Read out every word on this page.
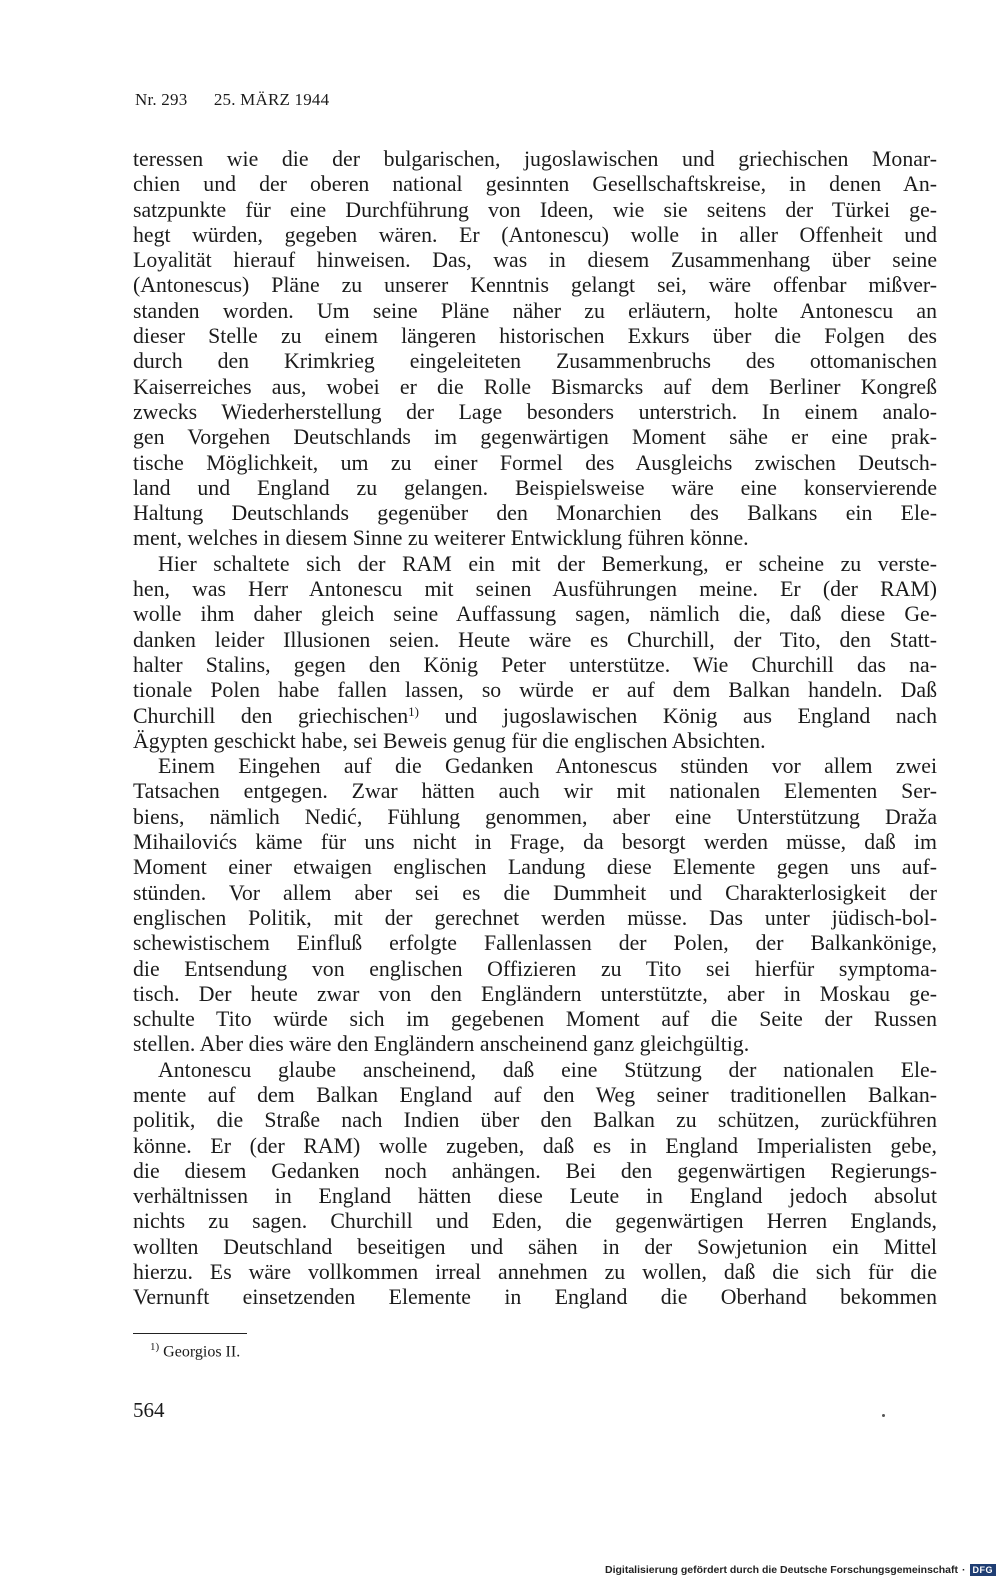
Nr. 293 25. MÄRZ 1944
teressen wie die der bulgarischen, jugoslawischen und griechischen Monar-
chien und der oberen national gesinnten Gesellschaftskreise, in denen An-
satzpunkte für eine Durchführung von Ideen, wie sie seitens der Türkei ge-
hegt würden, gegeben wären. Er (Antonescu) wolle in aller Offenheit und
Loyalität hierauf hinweisen. Das, was in diesem Zusammenhang über seine
(Antonescus) Pläne zu unserer Kenntnis gelangt sei, wäre offenbar mißver-
standen worden. Um seine Pläne näher zu erläutern, holte Antonescu an
dieser Stelle zu einem längeren historischen Exkurs über die Folgen des
durch den Krimkrieg eingeleiteten Zusammenbruchs des ottomanischen
Kaiserreiches aus, wobei er die Rolle Bismarcks auf dem Berliner Kongreß
zwecks Wiederherstellung der Lage besonders unterstrich. In einem analo-
gen Vorgehen Deutschlands im gegenwärtigen Moment sähe er eine prak-
tische Möglichkeit, um zu einer Formel des Ausgleichs zwischen Deutsch-
land und England zu gelangen. Beispielsweise wäre eine konservierende
Haltung Deutschlands gegenüber den Monarchien des Balkans ein Ele-
ment, welches in diesem Sinne zu weiterer Entwicklung führen könne.
Hier schaltete sich der RAM ein mit der Bemerkung, er scheine zu verste-
hen, was Herr Antonescu mit seinen Ausführungen meine. Er (der RAM)
wolle ihm daher gleich seine Auffassung sagen, nämlich die, daß diese Ge-
danken leider Illusionen seien. Heute wäre es Churchill, der Tito, den Statt-
halter Stalins, gegen den König Peter unterstütze. Wie Churchill das na-
tionale Polen habe fallen lassen, so würde er auf dem Balkan handeln. Daß
Churchill den griechischen$^{1)}$ und jugoslawischen König aus England nach
Ägypten geschickt habe, sei Beweis genug für die englischen Absichten.
Einem Eingehen auf die Gedanken Antonescus stünden vor allem zwei
Tatsachen entgegen. Zwar hätten auch wir mit nationalen Elementen Ser-
biens, nämlich Nedić, Fühlung genommen, aber eine Unterstützung Draža
Mihailovićs käme für uns nicht in Frage, da besorgt werden müsse, daß im
Moment einer etwaigen englischen Landung diese Elemente gegen uns auf-
stünden. Vor allem aber sei es die Dummheit und Charakterlosigkeit der
englischen Politik, mit der gerechnet werden müsse. Das unter jüdisch-bol-
schewistischem Einfluß erfolgte Fallenlassen der Polen, der Balkankönige,
die Entsendung von englischen Offizieren zu Tito sei hierfür symptoma-
tisch. Der heute zwar von den Engländern unterstützte, aber in Moskau ge-
schulte Tito würde sich im gegebenen Moment auf die Seite der Russen
stellen. Aber dies wäre den Engländern anscheinend ganz gleichgültig.
Antonescu glaube anscheinend, daß eine Stützung der nationalen Ele-
mente auf dem Balkan England auf den Weg seiner traditionellen Balkan-
politik, die Straße nach Indien über den Balkan zu schützen, zurückführen
könne. Er (der RAM) wolle zugeben, daß es in England Imperialisten gebe,
die diesem Gedanken noch anhängen. Bei den gegenwärtigen Regierungs-
verhältnissen in England hätten diese Leute in England jedoch absolut
nichts zu sagen. Churchill und Eden, die gegenwärtigen Herren Englands,
wollten Deutschland beseitigen und sähen in der Sowjetunion ein Mittel
hierzu. Es wäre vollkommen irreal annehmen zu wollen, daß die sich für die
Vernunft einsetzenden Elemente in England die Oberhand bekommen
$^{1)}$ Georgios II.
564
Digitalisierung gefördert durch die Deutsche Forschungsgemeinschaft · DFG
